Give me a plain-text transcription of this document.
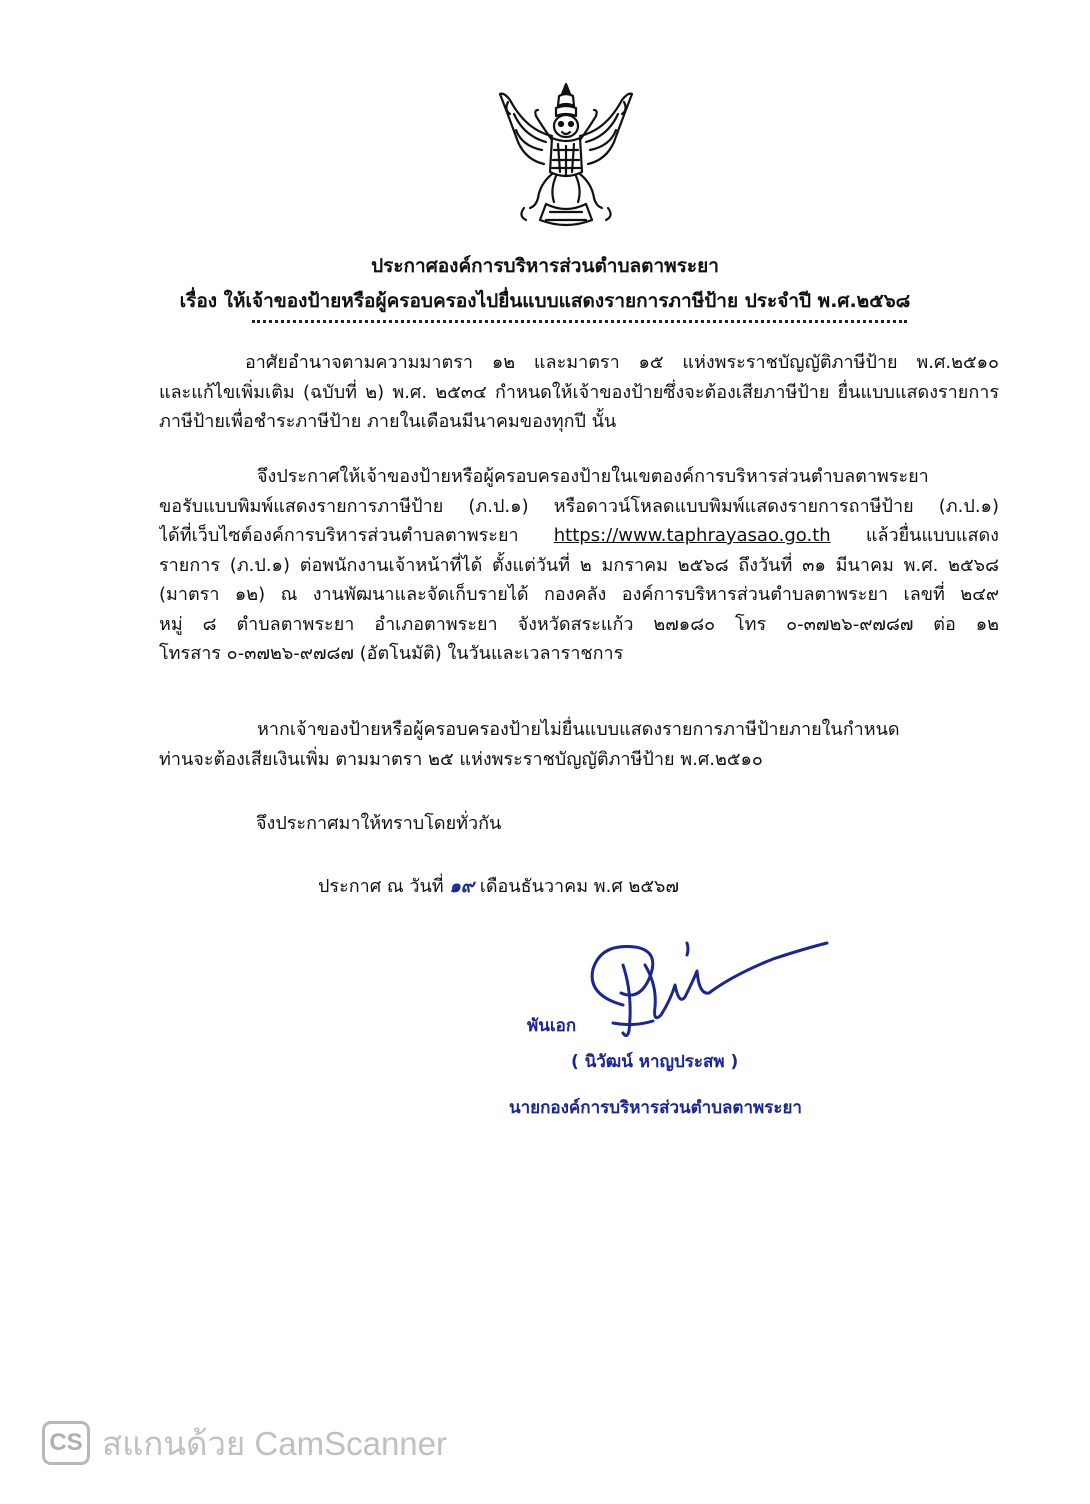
ประกาศองค์การบริหารส่วนตำบลตาพระยา
เรื่อง ให้เจ้าของป้ายหรือผู้ครอบครองไปยื่นแบบแสดงรายการภาษีป้าย ประจำปี พ.ศ.๒๕๖๘
อาศัยอำนาจตามความมาตรา ๑๒ และมาตรา ๑๕ แห่งพระราชบัญญัติภาษีป้าย พ.ศ.๒๕๑๐
และแก้ไขเพิ่มเติม (ฉบับที่ ๒) พ.ศ. ๒๕๓๔ กำหนดให้เจ้าของป้ายซึ่งจะต้องเสียภาษีป้าย ยื่นแบบแสดงรายการ
ภาษีป้ายเพื่อชำระภาษีป้าย ภายในเดือนมีนาคมของทุกปี นั้น
จึงประกาศให้เจ้าของป้ายหรือผู้ครอบครองป้ายในเขตองค์การบริหารส่วนตำบลตาพระยา
ขอรับแบบพิมพ์แสดงรายการภาษีป้าย (ภ.ป.๑) หรือดาวน์โหลดแบบพิมพ์แสดงรายการถาษีป้าย (ภ.ป.๑)
ได้ที่เว็บไซต์องค์การบริหารส่วนตำบลตาพระยา https://www.taphrayasao.go.th แล้วยื่นแบบแสดง
รายการ (ภ.ป.๑) ต่อพนักงานเจ้าหน้าที่ได้ ตั้งแต่วันที่ ๒ มกราคม ๒๕๖๘ ถึงวันที่ ๓๑ มีนาคม พ.ศ. ๒๕๖๘
(มาตรา ๑๒) ณ งานพัฒนาและจัดเก็บรายได้ กองคลัง องค์การบริหารส่วนตำบลตาพระยา เลขที่ ๒๔๙
หมู่ ๘ ตำบลตาพระยา อำเภอตาพระยา จังหวัดสระแก้ว ๒๗๑๘๐ โทร ๐-๓๗๒๖-๙๗๘๗ ต่อ ๑๒
โทรสาร ๐-๓๗๒๖-๙๗๘๗ (อัตโนมัติ) ในวันและเวลาราชการ
หากเจ้าของป้ายหรือผู้ครอบครองป้ายไม่ยื่นแบบแสดงรายการภาษีป้ายภายในกำหนด
ท่านจะต้องเสียเงินเพิ่ม ตามมาตรา ๒๕ แห่งพระราชบัญญัติภาษีป้าย พ.ศ.๒๕๑๐
จึงประกาศมาให้ทราบโดยทั่วกัน
ประกาศ ณ วันที่ ๑๙ เดือนธันวาคม พ.ศ ๒๕๖๗
พันเอก
( นิวัฒน์ หาญประสพ )
นายกองค์การบริหารส่วนตำบลตาพระยา
CS สแกนด้วย CamScanner
